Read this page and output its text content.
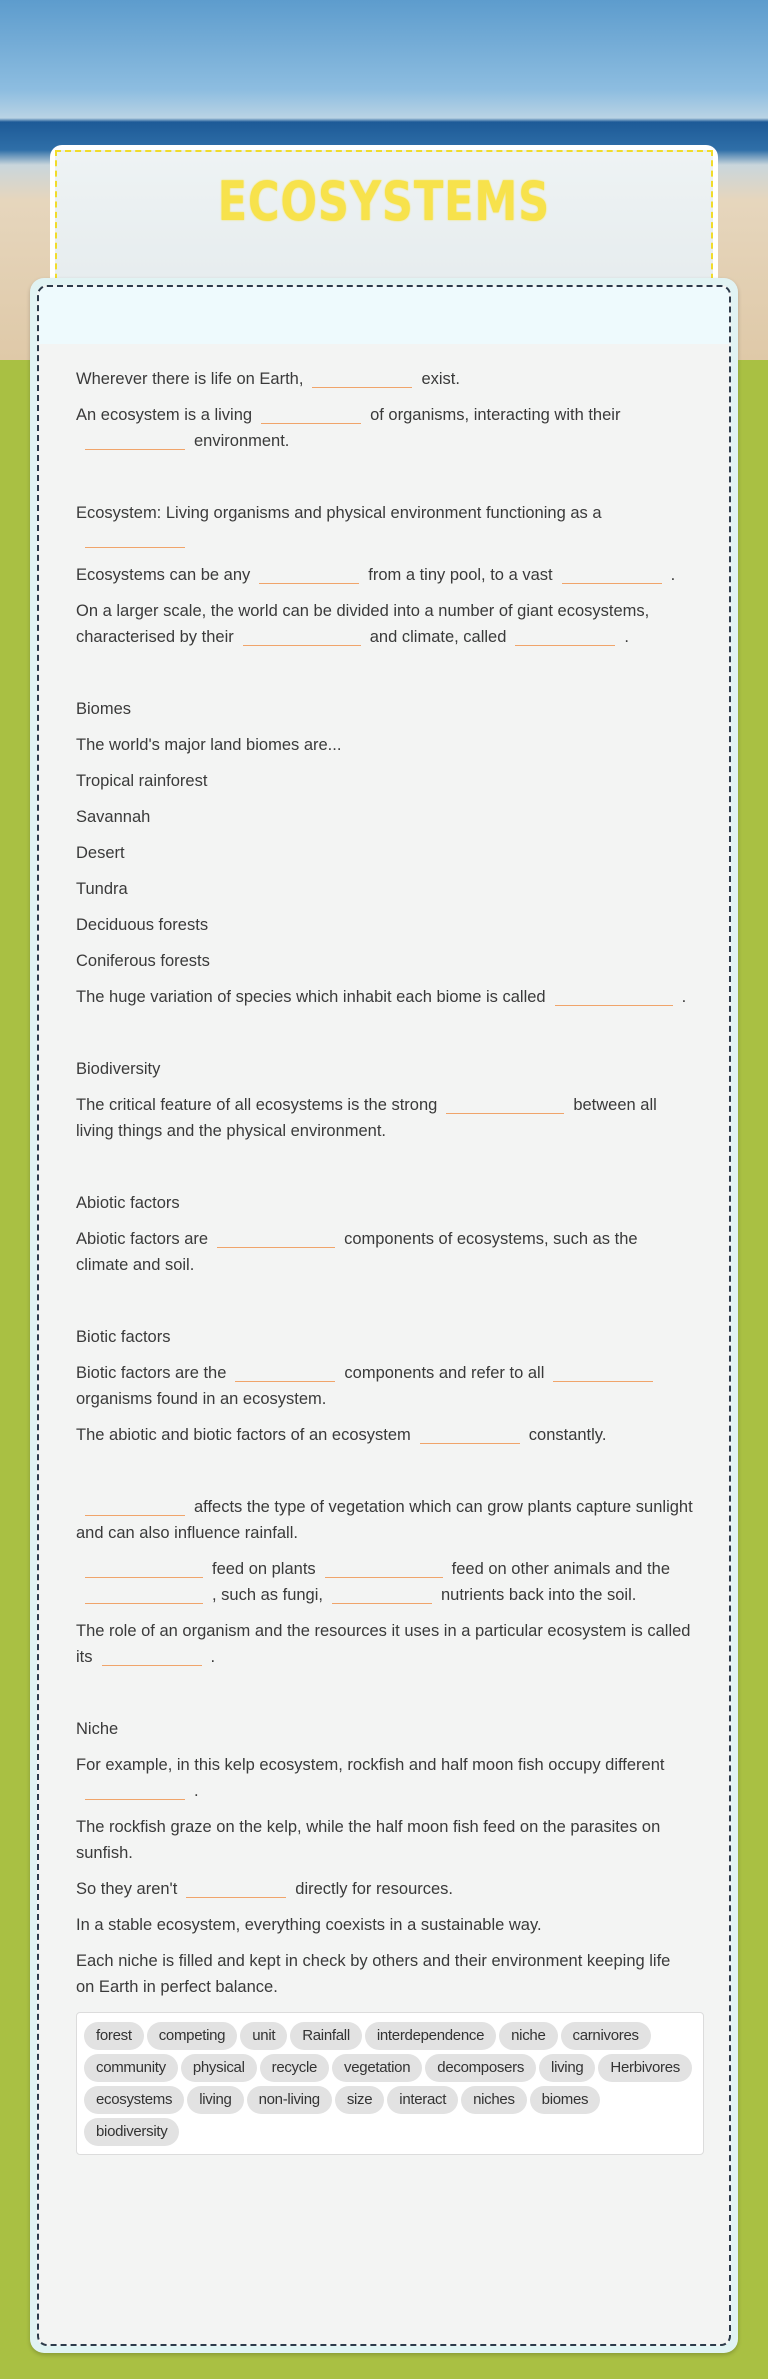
ECOSYSTEMS
Wherever there is life on Earth,	exist.
An ecosystem is a living	of organisms, interacting with theirenvironment.
Ecosystem: Living organisms and physical environment functioning as a
Ecosystems can be any	from a tiny pool, to a vast	.
On a larger scale, the world can be divided into a number of giant ecosystems, characterised by their	and climate, called	.
Biomes
The world's major land biomes are...
Tropical rainforest
Savannah
Desert
Tundra
Deciduous forests
Coniferous forests
The huge variation of species which inhabit each biome is called	.
Biodiversity
The critical feature of all ecosystems is the strong	between all living things and the physical environment.
Abiotic factors
Abiotic factors are	components of ecosystems, such as the climate and soil.
Biotic factors
Biotic factors are the	components and refer to allorganisms found in an ecosystem.
The abiotic and biotic factors of an ecosystem	constantly.
affects the type of vegetation which can grow plants capture sunlight and can also influence rainfall.
feed on plants	feed on other animals and the, such as fungi,	nutrients back into the soil.
The role of an organism and the resources it uses in a particular ecosystem is called its	.
Niche
For example, in this kelp ecosystem, rockfish and half moon fish occupy different.
The rockfish graze on the kelp, while the half moon fish feed on the parasites on sunfish.
So they aren't	directly for resources.
In a stable ecosystem, everything coexists in a sustainable way.
Each niche is filled and kept in check by others and their environment keeping life on Earth in perfect balance.
forest	competing	unit	Rainfall	interdependence	niche	carnivores
community	physical	recycle	vegetation	decomposers	living	Herbivores
ecosystems	living	non-living	size	interact	niches	biomes
biodiversity
